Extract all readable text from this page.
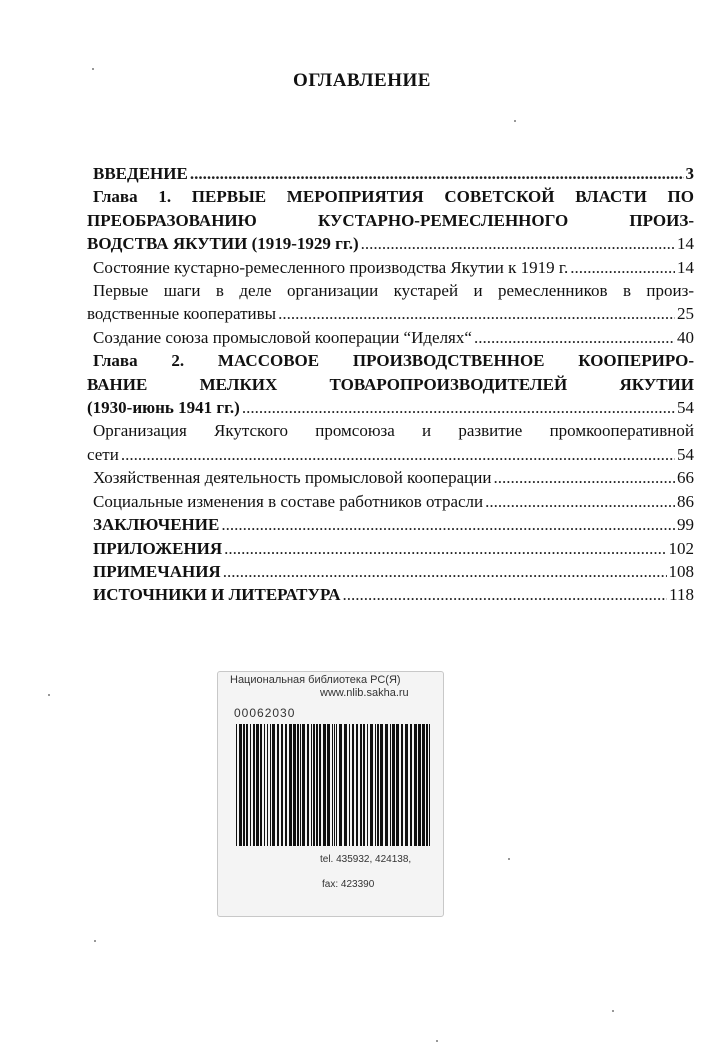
ОГЛАВЛЕНИЕ
ВВЕДЕНИЕ .....	3
Глава 1. ПЕРВЫЕ МЕРОПРИЯТИЯ СОВЕТСКОЙ ВЛАСТИ ПО
ПРЕОБРАЗОВАНИЮ КУСТАРНО-РЕМЕСЛЕННОГО ПРОИЗ-
ВОДСТВА ЯКУТИИ (1919-1929 гг.) .....	14
Состояние кустарно-ремесленного производства Якутии к 1919 г. .....	14
Первые шаги в деле организации кустарей и ремесленников в произ-
водственные кооперативы .....	25
Создание союза промысловой кооперации “Иделях“ .....	40
Глава 2. МАССОВОЕ ПРОИЗВОДСТВЕННОЕ КООПЕРИРО-
ВАНИЕ МЕЛКИХ ТОВАРОПРОИЗВОДИТЕЛЕЙ ЯКУТИИ
(1930-июнь 1941 гг.) .....	54
Организация Якутского промсоюза и развитие промкооперативной
сети .....	54
Хозяйственная деятельность промысловой кооперации .....	66
Социальные изменения в составе работников отрасли .....	86
ЗАКЛЮЧЕНИЕ .....	99
ПРИЛОЖЕНИЯ .....	102
ПРИМЕЧАНИЯ .....	108
ИСТОЧНИКИ И ЛИТЕРАТУРА .....	118
Национальная библиотека РС(Я)
www.nlib.sakha.ru
00062030
tel. 435932, 424138,
fax: 423390
